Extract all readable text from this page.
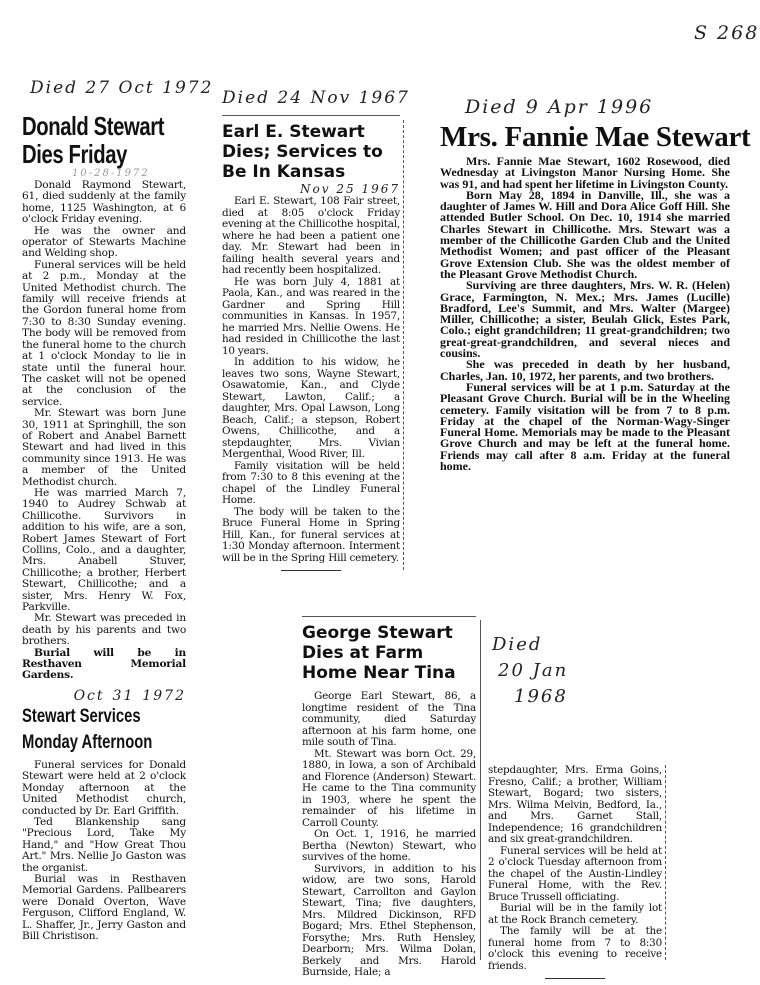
S 268
Died 27 Oct 1972
Donald Stewart
Dies Friday
10-28-1972

Donald Raymond Stewart, 61, died suddenly at the family home, 1125 Washington, at 6 o'clock Friday evening.

He was the owner and operator of Stewarts Machine and Welding shop.

Funeral services will be held at 2 p.m., Monday at the United Methodist church. The family will receive friends at the Gordon funeral home from 7:30 to 8:30 Sunday evening. The body will be removed from the funeral home to the church at 1 o'clock Monday to lie in state until the funeral hour. The casket will not be opened at the conclusion of the service.

Mr. Stewart was born June 30, 1911 at Springhill, the son of Robert and Anabel Barnett Stewart and had lived in this community since 1913. He was a member of the United Methodist church.

He was married March 7, 1940 to Audrey Schwab at Chillicothe. Survivors in addition to his wife, are a son, Robert James Stewart of Fort Collins, Colo., and a daughter, Mrs. Anabell Stuver, Chillicothe; a brother, Herbert Stewart, Chillicothe; and a sister, Mrs. Henry W. Fox, Parkville.

Mr. Stewart was preceded in death by his parents and two brothers.

Burial will be in Resthaven Memorial Gardens.

Oct 31 1972
Stewart Services
Monday Afternoon

Funeral services for Donald Stewart were held at 2 o'clock Monday afternoon at the United Methodist church, conducted by Dr. Earl Griffith.

Ted Blankenship sang "Precious Lord, Take My Hand," and "How Great Thou Art." Mrs. Nellie Jo Gaston was the organist.

Burial was in Resthaven Memorial Gardens. Pallbearers were Donald Overton, Wave Ferguson, Clifford England, W. L. Shaffer, Jr., Jerry Gaston and Bill Christison.

Died 24 Nov 1967
Earl E. Stewart
Dies; Services to
Be In Kansas
Nov 25 1967

Earl E. Stewart, 108 Fair street, died at 8:05 o'clock Friday evening at the Chillicothe hospital, where he had been a patient one day. Mr. Stewart had been in failing health several years and had recently been hospitalized.

He was born July 4, 1881 at Paola, Kan., and was reared in the Gardner and Spring Hill communities in Kansas. In 1957, he married Mrs. Nellie Owens. He had resided in Chillicothe the last 10 years.

In addition to his widow, he leaves two sons, Wayne Stewart, Osawatomie, Kan., and Clyde Stewart, Lawton, Calif.; a daughter, Mrs. Opal Lawson, Long Beach, Calif.; a stepson, Robert Owens, Chillicothe, and a stepdaughter, Mrs. Vivian Mergenthal, Wood River, Ill.

Family visitation will be held from 7:30 to 8 this evening at the chapel of the Lindley Funeral Home.

The body will be taken to the Bruce Funeral Home in Spring Hill, Kan., for funeral services at 1:30 Monday afternoon. Interment will be in the Spring Hill cemetery.

Died 9 Apr 1996
Mrs. Fannie Mae Stewart

Mrs. Fannie Mae Stewart, 1602 Rosewood, died Wednesday at Livingston Manor Nursing Home. She was 91, and had spent her lifetime in Livingston County.

Born May 28, 1894 in Danville, Ill., she was a daughter of James W. Hill and Dora Alice Goff Hill. She attended Butler School. On Dec. 10, 1914 she married Charles Stewart in Chillicothe. Mrs. Stewart was a member of the Chillicothe Garden Club and the United Methodist Women; and past officer of the Pleasant Grove Extension Club. She was the oldest member of the Pleasant Grove Methodist Church.

Surviving are three daughters, Mrs. W. R. (Helen) Grace, Farmington, N. Mex.; Mrs. James (Lucille) Bradford, Lee's Summit, and Mrs. Walter (Margee) Miller, Chillicothe; a sister, Beulah Glick, Estes Park, Colo.; eight grandchildren; 11 great-grandchildren; two great-great-grandchildren, and several nieces and cousins.

She was preceded in death by her husband, Charles, Jan. 10, 1972, her parents, and two brothers.

Funeral services will be at 1 p.m. Saturday at the Pleasant Grove Church. Burial will be in the Wheeling cemetery. Family visitation will be from 7 to 8 p.m. Friday at the chapel of the Norman-Wagy-Singer Funeral Home. Memorials may be made to the Pleasant Grove Church and may be left at the funeral home. Friends may call after 8 a.m. Friday at the funeral home.

George Stewart
Dies at Farm
Home Near Tina

George Earl Stewart, 86, a longtime resident of the Tina community, died Saturday afternoon at his farm home, one mile south of Tina.

Mt. Stewart was born Oct. 29, 1880, in Iowa, a son of Archibald and Florence (Anderson) Stewart. He came to the Tina community in 1903, where he spent the remainder of his lifetime in Carroll County.

On Oct. 1, 1916, he married Bertha (Newton) Stewart, who survives of the home.

Survivors, in addition to his widow, are two sons, Harold Stewart, Carrollton and Gaylon Stewart, Tina; five daughters, Mrs. Mildred Dickinson, RFD Bogard; Mrs. Ethel Stephenson, Forsythe; Mrs. Ruth Hensley, Dearborn; Mrs. Wilma Dolan, Berkely and Mrs. Harold Burnside, Hale; a

Died
20 Jan
1968

stepdaughter, Mrs. Erma Goins, Fresno, Calif.; a brother, William Stewart, Bogard; two sisters, Mrs. Wilma Melvin, Bedford, Ia., and Mrs. Garnet Stall, Independence; 16 grandchildren and six great-grandchildren.

Funeral services will be held at 2 o'clock Tuesday afternoon from the chapel of the Austin-Lindley Funeral Home, with the Rev. Bruce Trussell officiating.

Burial will be in the family lot at the Rock Branch cemetery.

The family will be at the funeral home from 7 to 8:30 o'clock this evening to receive friends.
